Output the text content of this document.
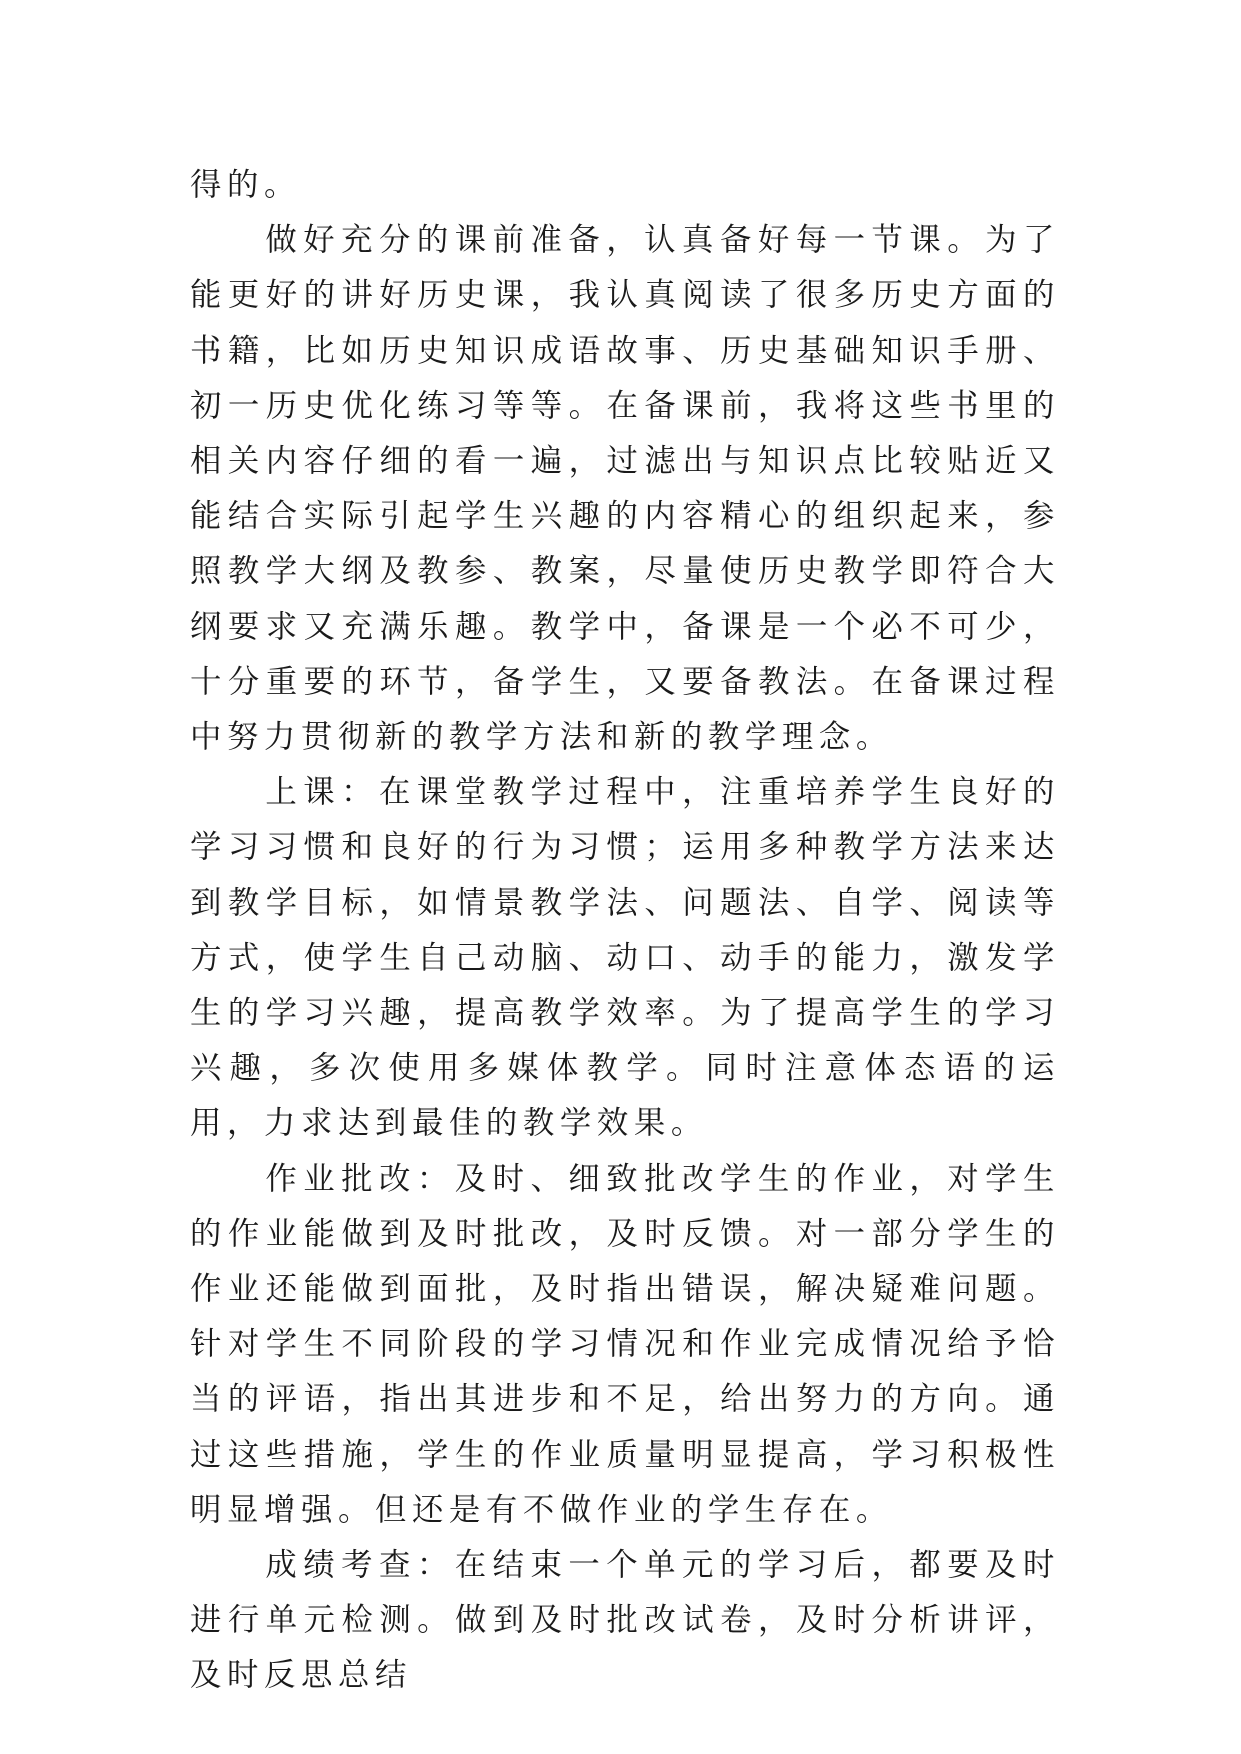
得的。

做好充分的课前准备，认真备好每一节课。为了能更好的讲好历史课，我认真阅读了很多历史方面的书籍，比如历史知识成语故事、历史基础知识手册、初一历史优化练习等等。在备课前，我将这些书里的相关内容仔细的看一遍，过滤出与知识点比较贴近又能结合实际引起学生兴趣的内容精心的组织起来，参照教学大纲及教参、教案，尽量使历史教学即符合大纲要求又充满乐趣。教学中，备课是一个必不可少，十分重要的环节，备学生，又要备教法。在备课过程中努力贯彻新的教学方法和新的教学理念。

上课：在课堂教学过程中，注重培养学生良好的学习习惯和良好的行为习惯；运用多种教学方法来达到教学目标，如情景教学法、问题法、自学、阅读等方式，使学生自己动脑、动口、动手的能力，激发学生的学习兴趣，提高教学效率。为了提高学生的学习兴趣，多次使用多媒体教学。同时注意体态语的运用，力求达到最佳的教学效果。

作业批改：及时、细致批改学生的作业，对学生的作业能做到及时批改，及时反馈。对一部分学生的作业还能做到面批，及时指出错误，解决疑难问题。针对学生不同阶段的学习情况和作业完成情况给予恰当的评语，指出其进步和不足，给出努力的方向。通过这些措施，学生的作业质量明显提高，学习积极性明显增强。但还是有不做作业的学生存在。

成绩考查：在结束一个单元的学习后，都要及时进行单元检测。做到及时批改试卷，及时分析讲评，及时反思总结
